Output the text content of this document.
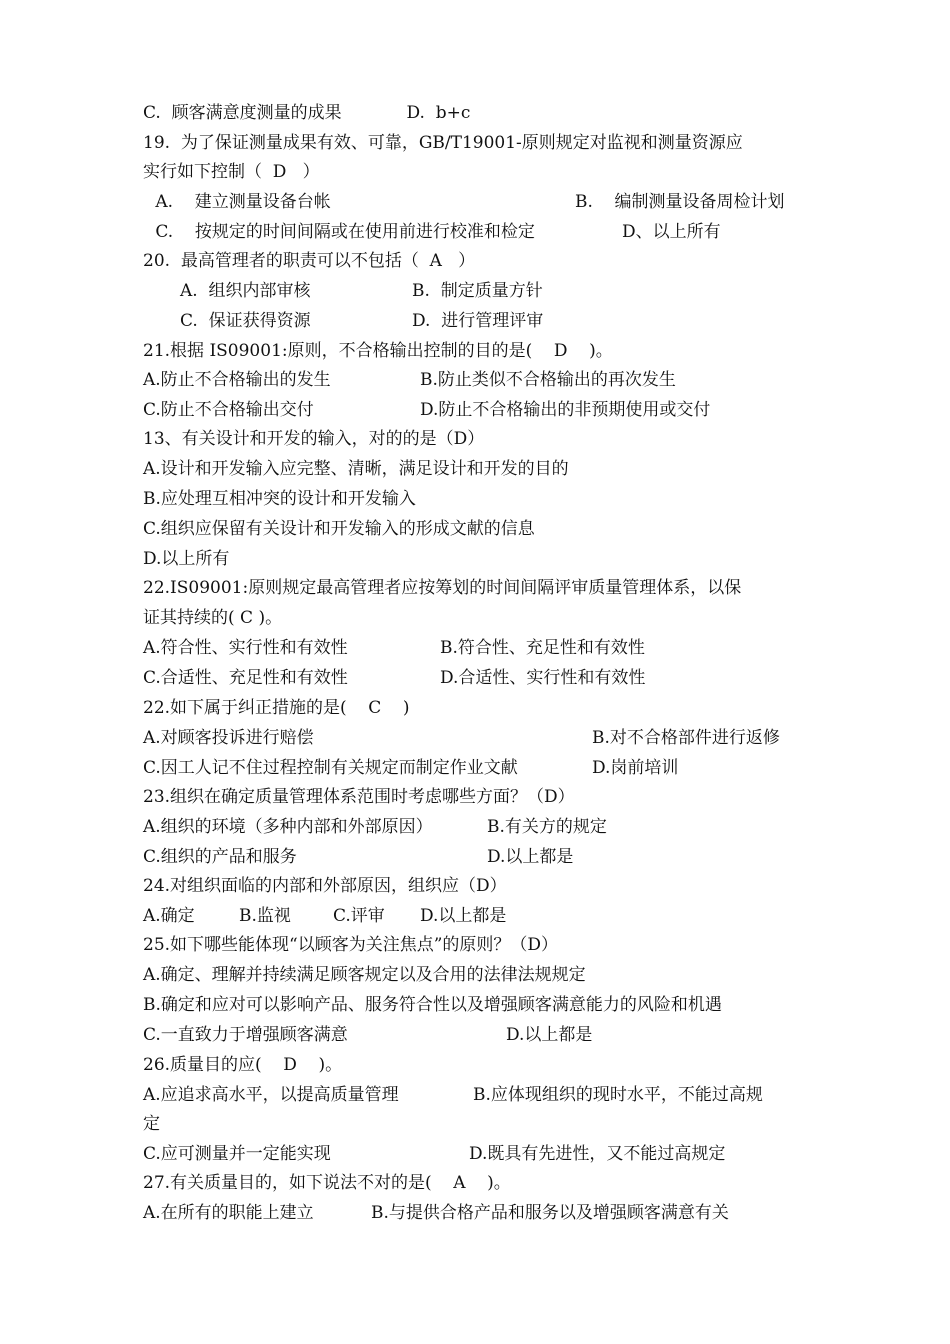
C.  顾客满意度测量的成果            D.  b+c
19.  为了保证测量成果有效、可靠，GB/T19001-原则规定对监视和测量资源应
实行如下控制（  D   ）
A.    建立测量设备台帐	B.    编制测量设备周检计划
C.    按规定的时间间隔或在使用前进行校准和检定	D、以上所有
20.  最高管理者的职责可以不包括（  A   ）
A.  组织内部审核	B.  制定质量方针
C.  保证获得资源	D.  进行管理评审
21.根据 IS09001:原则，不合格输出控制的目的是(    D    )。
A.防止不合格输出的发生	B.防止类似不合格输出的再次发生
C.防止不合格输出交付	D.防止不合格输出的非预期使用或交付
13、有关设计和开发的输入，对的的是（D）
A.设计和开发输入应完整、清晰，满足设计和开发的目的
B.应处理互相冲突的设计和开发输入
C.组织应保留有关设计和开发输入的形成文献的信息
D.以上所有
22.IS09001:原则规定最高管理者应按筹划的时间间隔评审质量管理体系，以保
证其持续的( C )。
A.符合性、实行性和有效性	B.符合性、充足性和有效性
C.合适性、充足性和有效性	D.合适性、实行性和有效性
22.如下属于纠正措施的是(    C    )
A.对顾客投诉进行赔偿	B.对不合格部件进行返修
C.因工人记不住过程控制有关规定而制定作业文献	D.岗前培训
23.组织在确定质量管理体系范围时考虑哪些方面？（D）
A.组织的环境（多种内部和外部原因）	B.有关方的规定
C.组织的产品和服务	D.以上都是
24.对组织面临的内部和外部原因，组织应（D）
A.确定	B.监视 C.评审 D.以上都是
25.如下哪些能体现“以顾客为关注焦点”的原则？（D）
A.确定、理解并持续满足顾客规定以及合用的法律法规规定
B.确定和应对可以影响产品、服务符合性以及增强顾客满意能力的风险和机遇
C.一直致力于增强顾客满意	D.以上都是
26.质量目的应(    D    )。
A.应追求高水平，以提高质量管理	B.应体现组织的现时水平，不能过高规
定
C.应可测量并一定能实现	D.既具有先进性，又不能过高规定
27.有关质量目的，如下说法不对的是(    A    )。
A.在所有的职能上建立	B.与提供合格产品和服务以及增强顾客满意有关
